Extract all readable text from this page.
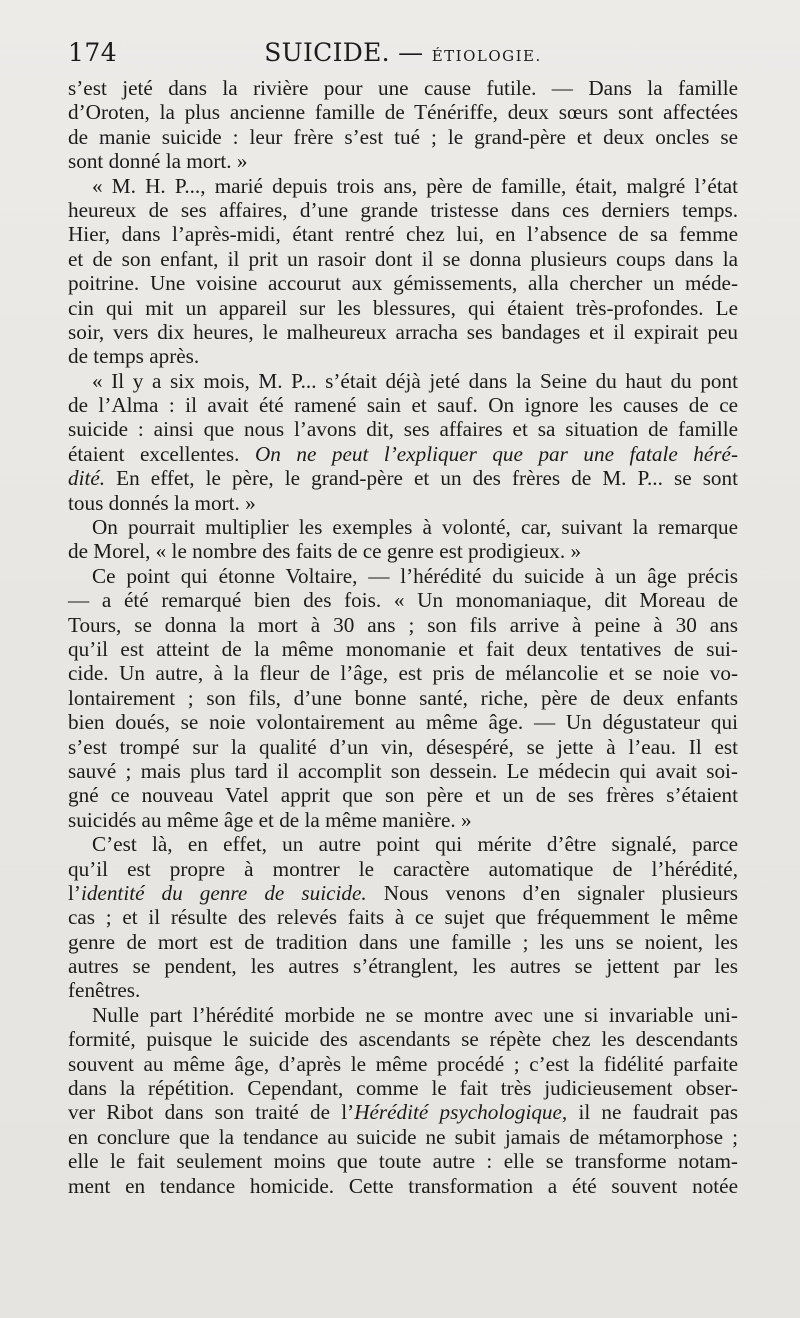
174	SUICIDE. — ÉTIOLOGIE.
s’est jeté dans la rivière pour une cause futile. — Dans la famille
d’Oroten, la plus ancienne famille de Ténériffe, deux sœurs sont affectées
de manie suicide : leur frère s’est tué ; le grand-père et deux oncles se
sont donné la mort. »
« M. H. P..., marié depuis trois ans, père de famille, était, malgré l’état
heureux de ses affaires, d’une grande tristesse dans ces derniers temps.
Hier, dans l’après-midi, étant rentré chez lui, en l’absence de sa femme
et de son enfant, il prit un rasoir dont il se donna plusieurs coups dans la
poitrine. Une voisine accourut aux gémissements, alla chercher un méde-
cin qui mit un appareil sur les blessures, qui étaient très-profondes. Le
soir, vers dix heures, le malheureux arracha ses bandages et il expirait peu
de temps après.
« Il y a six mois, M. P... s’était déjà jeté dans la Seine du haut du pont
de l’Alma : il avait été ramené sain et sauf. On ignore les causes de ce
suicide : ainsi que nous l’avons dit, ses affaires et sa situation de famille
étaient excellentes. On ne peut l’expliquer que par une fatale héré-
dité. En effet, le père, le grand-père et un des frères de M. P... se sont
tous donnés la mort. »
On pourrait multiplier les exemples à volonté, car, suivant la remarque
de Morel, « le nombre des faits de ce genre est prodigieux. »
Ce point qui étonne Voltaire, — l’hérédité du suicide à un âge précis
— a été remarqué bien des fois. « Un monomaniaque, dit Moreau de
Tours, se donna la mort à 30 ans ; son fils arrive à peine à 30 ans
qu’il est atteint de la même monomanie et fait deux tentatives de sui-
cide. Un autre, à la fleur de l’âge, est pris de mélancolie et se noie vo-
lontairement ; son fils, d’une bonne santé, riche, père de deux enfants
bien doués, se noie volontairement au même âge. — Un dégustateur qui
s’est trompé sur la qualité d’un vin, désespéré, se jette à l’eau. Il est
sauvé ; mais plus tard il accomplit son dessein. Le médecin qui avait soi-
gné ce nouveau Vatel apprit que son père et un de ses frères s’étaient
suicidés au même âge et de la même manière. »
C’est là, en effet, un autre point qui mérite d’être signalé, parce
qu’il est propre à montrer le caractère automatique de l’hérédité,
l’identité du genre de suicide. Nous venons d’en signaler plusieurs
cas ; et il résulte des relevés faits à ce sujet que fréquemment le même
genre de mort est de tradition dans une famille ; les uns se noient, les
autres se pendent, les autres s’étranglent, les autres se jettent par les
fenêtres.
Nulle part l’hérédité morbide ne se montre avec une si invariable uni-
formité, puisque le suicide des ascendants se répète chez les descendants
souvent au même âge, d’après le même procédé ; c’est la fidélité parfaite
dans la répétition. Cependant, comme le fait très judicieusement obser-
ver Ribot dans son traité de l’Hérédité psychologique, il ne faudrait pas
en conclure que la tendance au suicide ne subit jamais de métamorphose ;
elle le fait seulement moins que toute autre : elle se transforme notam-
ment en tendance homicide. Cette transformation a été souvent notée
